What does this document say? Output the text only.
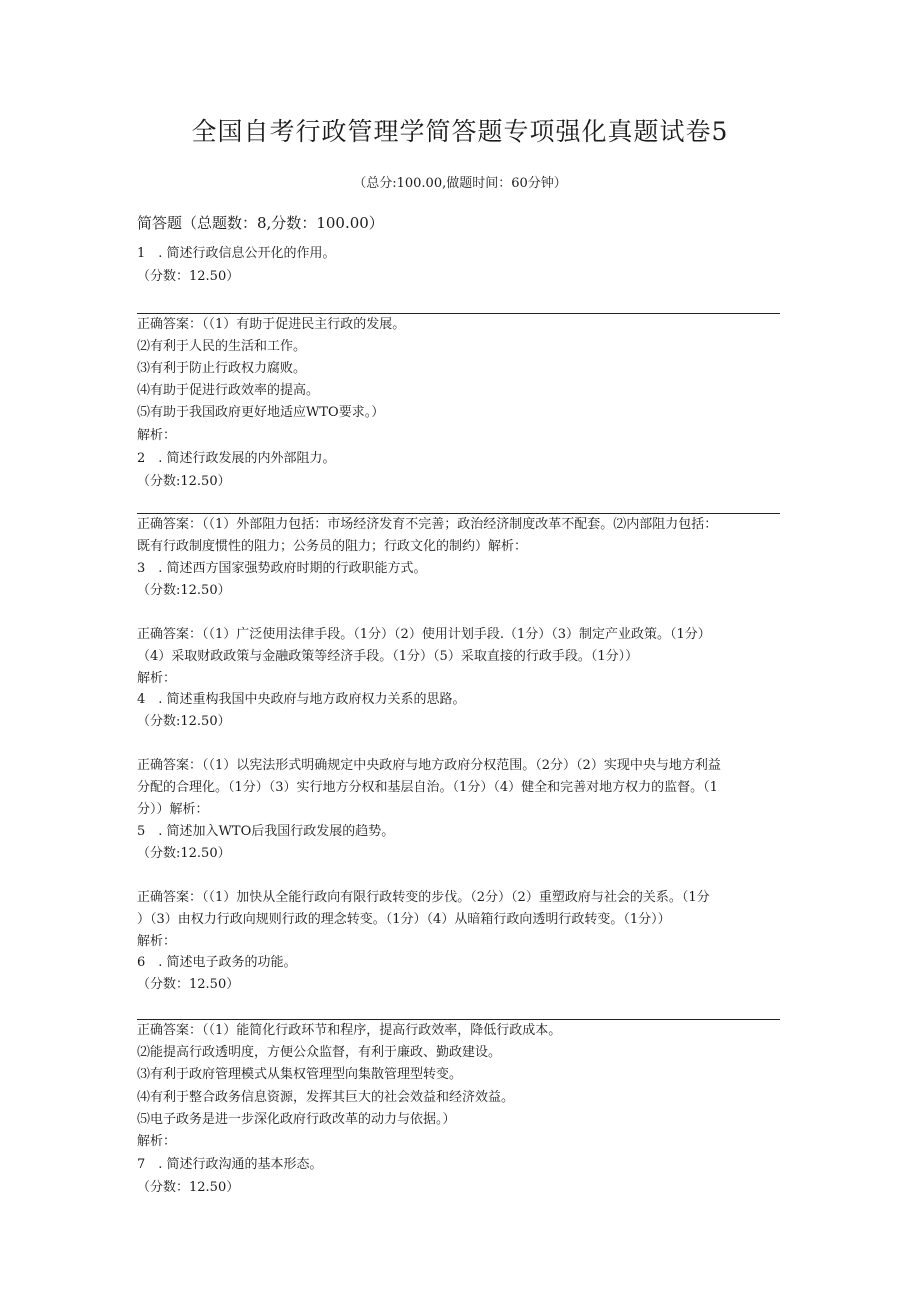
全国自考行政管理学简答题专项强化真题试卷5
（总分:100.00,做题时间：60分钟）
简答题（总题数：8,分数：100.00）
1　. 简述行政信息公开化的作用。
（分数：12.50）
正确答案：（（1）有助于促进民主行政的发展。
⑵有利于人民的生活和工作。
⑶有利于防止行政权力腐败。
⑷有助于促进行政效率的提高。
⑸有助于我国政府更好地适应WTO要求。）
解析：
2　. 简述行政发展的内外部阻力。
（分数:12.50）
正确答案：（（1）外部阻力包括：市场经济发育不完善；政治经济制度改革不配套。⑵内部阻力包括：
既有行政制度惯性的阻力；公务员的阻力；行政文化的制约）解析：
3　. 简述西方国家强势政府时期的行政职能方式。
（分数:12.50）
正确答案：（（1）广泛使用法律手段。（1分）（2）使用计划手段.（1分）（3）制定产业政策。（1分）
（4）采取财政政策与金融政策等经济手段。（1分）（5）采取直接的行政手段。（1分））
解析：
4　. 简述重构我国中央政府与地方政府权力关系的思路。
（分数:12.50）
正确答案：（（1）以宪法形式明确规定中央政府与地方政府分权范围。（2分）（2）实现中央与地方利益
分配的合理化。（1分）（3）实行地方分权和基层自治。（1分）（4）健全和完善对地方权力的监督。（1
分））解析：
5　. 简述加入WTO后我国行政发展的趋势。
（分数:12.50）
正确答案：（（1）加快从全能行政向有限行政转变的步伐。（2分）（2）重塑政府与社会的关系。（1分
）（3）由权力行政向规则行政的理念转变。（1分）（4）从暗箱行政向透明行政转变。（1分））
解析：
6　. 简述电子政务的功能。
（分数：12.50）
正确答案：（（1）能简化行政环节和程序，提高行政效率，降低行政成本。
⑵能提高行政透明度，方便公众监督，有利于廉政、勤政建设。
⑶有利于政府管理模式从集权管理型向集散管理型转变。
⑷有利于整合政务信息资源，发挥其巨大的社会效益和经济效益。
⑸电子政务是进一步深化政府行政改革的动力与依据。）
解析：
7　. 简述行政沟通的基本形态。
（分数：12.50）
